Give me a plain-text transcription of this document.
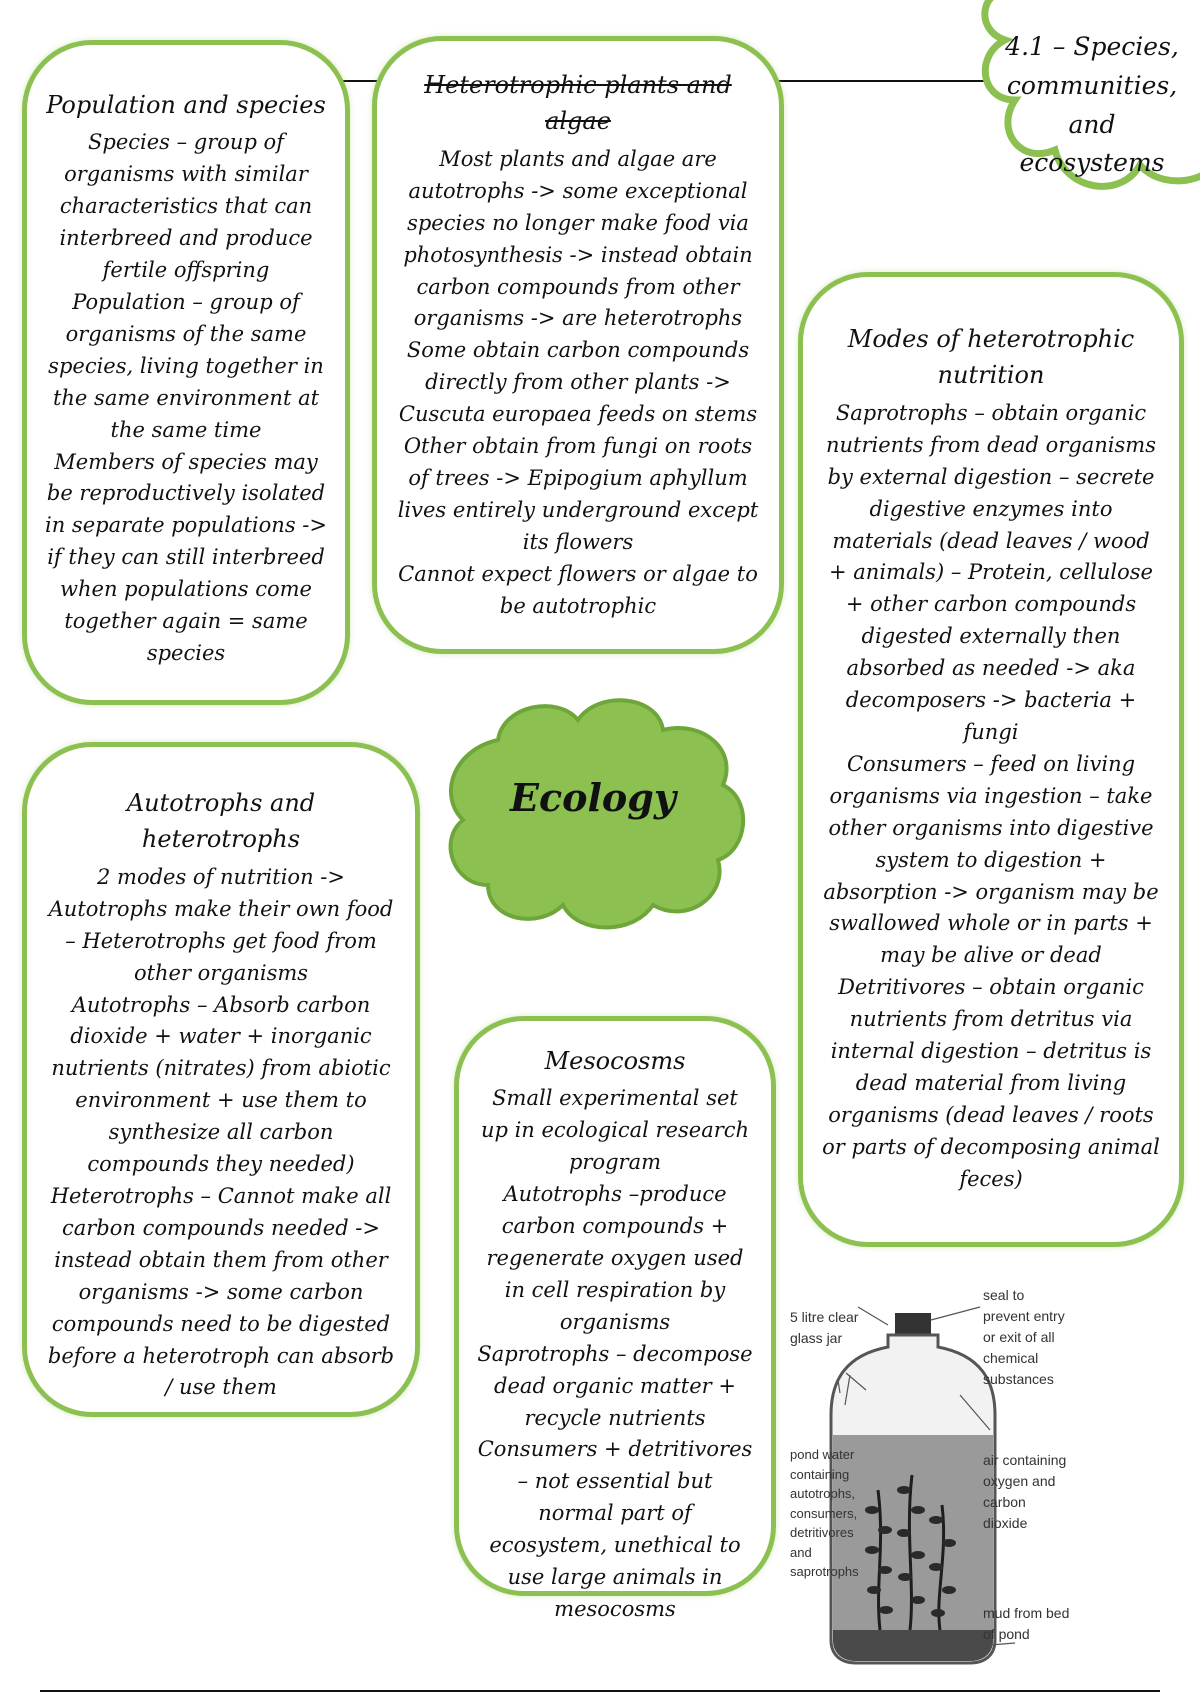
4.1 – Species,
communities, and
ecosystems
Population and species

Species – group of organisms with similar characteristics that can interbreed and produce fertile offspring

Population – group of organisms of the same species, living together in the same environment at the same time

Members of species may be reproductively isolated in separate populations -> if they can still interbreed when populations come together again = same species

Heterotrophic plants and algae

Most plants and algae are autotrophs -> some exceptional species no longer make food via photosynthesis -> instead obtain carbon compounds from other organisms -> are heterotrophs

Some obtain carbon compounds directly from other plants -> Cuscuta europaea feeds on stems

Other obtain from fungi on roots of trees -> Epipogium aphyllum lives entirely underground except its flowers

Cannot expect flowers or algae to be autotrophic

Modes of heterotrophic nutrition

Saprotrophs – obtain organic nutrients from dead organisms by external digestion – secrete digestive enzymes into materials (dead leaves / wood + animals) – Protein, cellulose + other carbon compounds digested externally then absorbed as needed -> aka decomposers -> bacteria + fungi

Consumers – feed on living organisms via ingestion – take other organisms into digestive system to digestion + absorption -> organism may be swallowed whole or in parts + may be alive or dead

Detritivores – obtain organic nutrients from detritus via internal digestion – detritus is dead material from living organisms (dead leaves / roots or parts of decomposing animal feces)

Ecology
Autotrophs and heterotrophs

2 modes of nutrition -> Autotrophs make their own food – Heterotrophs get food from other organisms

Autotrophs – Absorb carbon dioxide + water + inorganic nutrients (nitrates) from abiotic environment + use them to synthesize all carbon compounds they needed)

Heterotrophs – Cannot make all carbon compounds needed -> instead obtain them from other organisms -> some carbon compounds need to be digested before a heterotroph can absorb / use them

Mesocosms

Small experimental set up in ecological research program

Autotrophs –produce carbon compounds + regenerate oxygen used in cell respiration by organisms

Saprotrophs – decompose dead organic matter + recycle nutrients

Consumers + detritivores – not essential but normal part of ecosystem, unethical to use large animals in mesocosms

5 litre clear glass jar
seal to prevent entry or exit of all chemical substances
air containing oxygen and carbon dioxide
pond water containing autotrophs, consumers, detritivores and saprotrophs
mud from bed of pond
